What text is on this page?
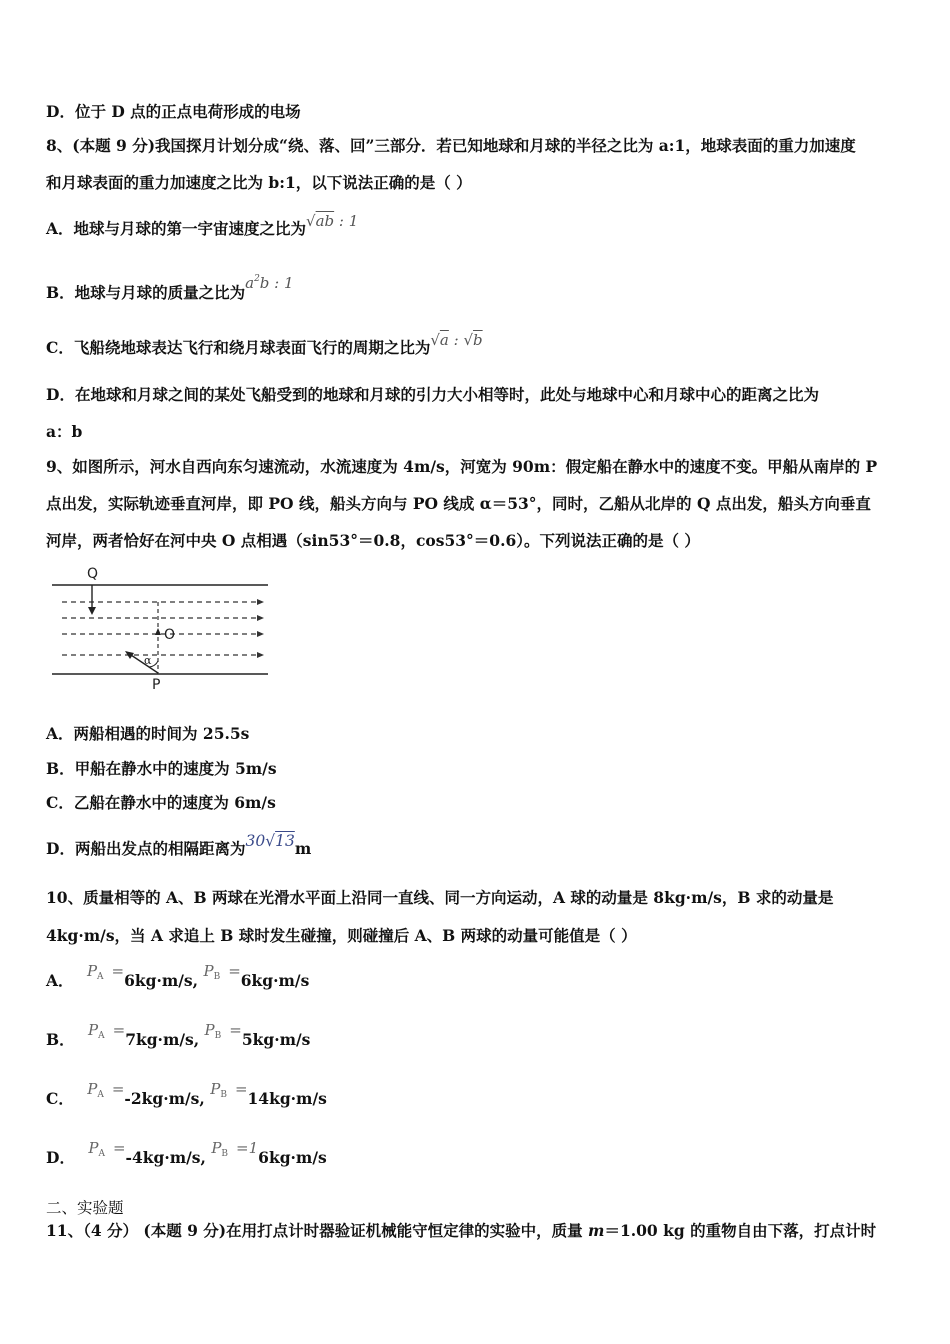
D．位于 D 点的正点电荷形成的电场
8、(本题 9 分)我国探月计划分成“绕、落、回”三部分．若已知地球和月球的半径之比为 a:1，地球表面的重力加速度
和月球表面的重力加速度之比为 b:1，以下说法正确的是（ ）
A．地球与月球的第一宇宙速度之比为√ab : 1
B．地球与月球的质量之比为$a^2b$ : 1
C．飞船绕地球表达飞行和绕月球表面飞行的周期之比为√a : √b
D．在地球和月球之间的某处飞船受到的地球和月球的引力大小相等时，此处与地球中心和月球中心的距离之比为
a：b
9、如图所示，河水自西向东匀速流动，水流速度为 4m/s，河宽为 90m：假定船在静水中的速度不变。甲船从南岸的 P
点出发，实际轨迹垂直河岸，即 PO 线，船头方向与 PO 线成 α＝53°，同时，乙船从北岸的 Q 点出发，船头方向垂直
河岸，两者恰好在河中央 O 点相遇（sin53°＝0.8，cos53°＝0.6）。下列说法正确的是（ ）
Q
O
P
α
A．两船相遇的时间为 25.5s
B．甲船在静水中的速度为 5m/s
C．乙船在静水中的速度为 6m/s
D．两船出发点的相隔距离为30√13m
10、质量相等的 A、B 两球在光滑水平面上沿同一直线、同一方向运动，A 球的动量是 8kg·m/s，B 求的动量是
4kg·m/s，当 A 求追上 B 球时发生碰撞，则碰撞后 A、B 两球的动量可能值是（ ）
A． $P_A =6kg\cdot m/s$, $P_B =6kg\cdot m/s$
B． $P_A =7kg\cdot m/s$, $P_B =5kg\cdot m/s$
C． $P_A =-2kg\cdot m/s$, $P_B =14kg\cdot m/s$
D． $P_A =-4kg\cdot m/s$, $P_B =16kg\cdot m/s$
二、实验题
11、（4 分） (本题 9 分)在用打点计时器验证机械能守恒定律的实验中，质量 m＝1.00 kg 的重物自由下落，打点计时
